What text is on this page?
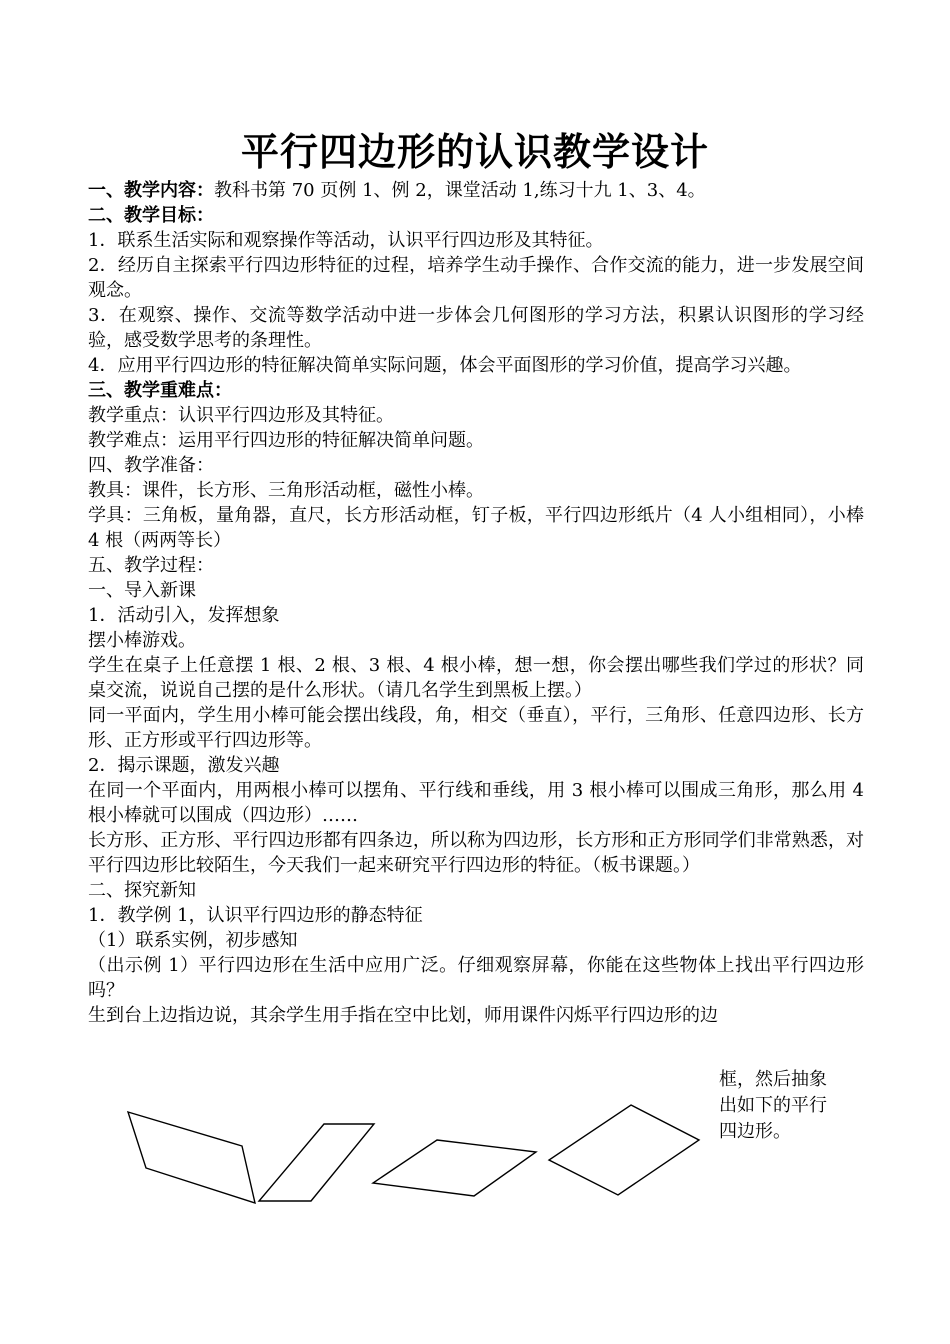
平行四边形的认识教学设计
一、教学内容：教科书第 70 页例 1、例 2，课堂活动 1,练习十九 1、3、4。
二、教学目标：
1．联系生活实际和观察操作等活动，认识平行四边形及其特征。
2．经历自主探索平行四边形特征的过程，培养学生动手操作、合作交流的能力，进一步发展空间观念。
3．在观察、操作、交流等数学活动中进一步体会几何图形的学习方法，积累认识图形的学习经验，感受数学思考的条理性。
4．应用平行四边形的特征解决简单实际问题，体会平面图形的学习价值，提高学习兴趣。
三、教学重难点：
教学重点：认识平行四边形及其特征。
教学难点：运用平行四边形的特征解决简单问题。
四、教学准备：
教具：课件，长方形、三角形活动框，磁性小棒。
学具：三角板，量角器，直尺，长方形活动框，钉子板，平行四边形纸片（4 人小组相同），小棒 4 根（两两等长）
五、教学过程：
一、导入新课
1．活动引入，发挥想象
摆小棒游戏。
学生在桌子上任意摆 1 根、2 根、3 根、4 根小棒，想一想，你会摆出哪些我们学过的形状？同桌交流，说说自己摆的是什么形状。（请几名学生到黑板上摆。）
同一平面内，学生用小棒可能会摆出线段，角，相交（垂直），平行，三角形、任意四边形、长方形、正方形或平行四边形等。
2．揭示课题，激发兴趣
在同一个平面内，用两根小棒可以摆角、平行线和垂线，用 3 根小棒可以围成三角形，那么用 4 根小棒就可以围成（四边形）……
长方形、正方形、平行四边形都有四条边，所以称为四边形，长方形和正方形同学们非常熟悉，对平行四边形比较陌生，今天我们一起来研究平行四边形的特征。（板书课题。）
二、探究新知
1．教学例 1，认识平行四边形的静态特征
（1）联系实例，初步感知
（出示例 1）平行四边形在生活中应用广泛。仔细观察屏幕，你能在这些物体上找出平行四边形吗？
生到台上边指边说，其余学生用手指在空中比划，师用课件闪烁平行四边形的边
框，然后抽象
出如下的平行
四边形。
